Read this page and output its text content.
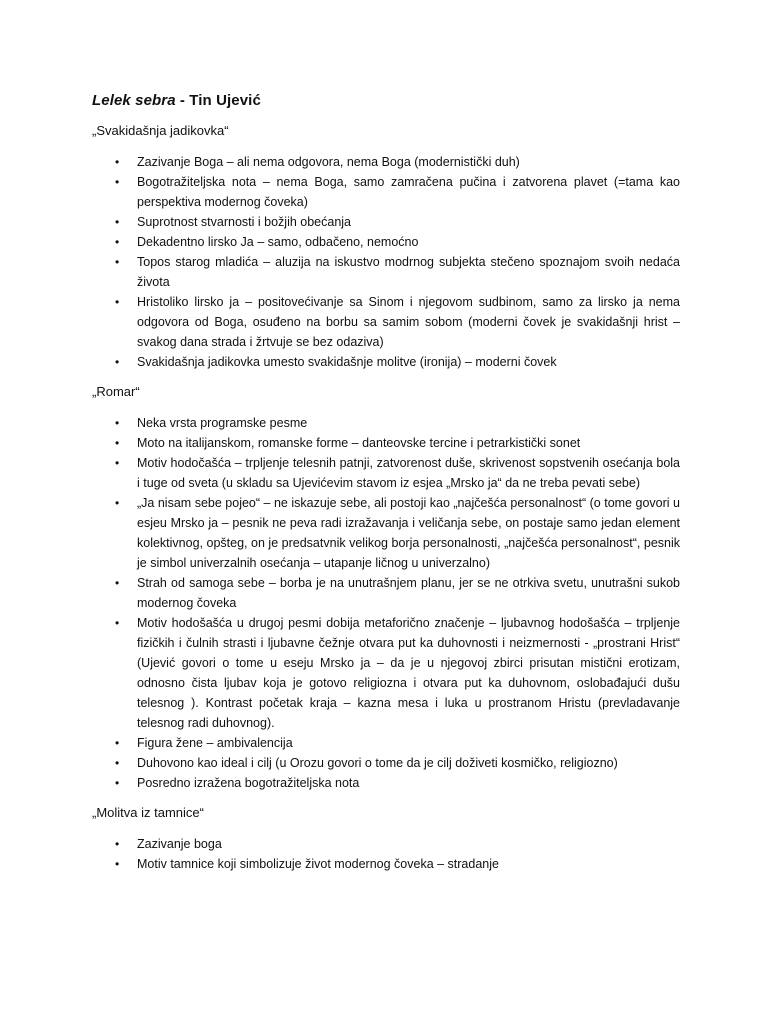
Lelek sebra - Tin Ujević
„Svakidašnja jadikovka“
• Zazivanje Boga – ali nema odgovora, nema Boga (modernistički duh)
• Bogotražiteljska nota – nema Boga, samo zamračena pučina i zatvorena plavet (=tama kao perspektiva modernog čoveka)
• Suprotnost stvarnosti i božjih obećanja
• Dekadentno lirsko Ja – samo, odbačeno, nemoćno
• Topos starog mladića – aluzija na iskustvo modrnog subjekta stečeno spoznajom svoih nedaća života
• Hristoliko lirsko ja – positovećivanje sa Sinom i njegovom sudbinom, samo za lirsko ja nema odgovora od Boga, osuđeno na borbu sa samim sobom (moderni čovek je svakidašnji hrist – svakog dana strada i žrtvuje se bez odaziva)
• Svakidašnja jadikovka umesto svakidašnje molitve (ironija) – moderni čovek
„Romar“
• Neka vrsta programske pesme
• Moto na italijanskom, romanske forme – danteovske tercine i petrarkistički sonet
• Motiv hodočašća – trpljenje telesnih patnji, zatvorenost duše, skrivenost sopstvenih osećanja bola i tuge od sveta (u skladu sa Ujevićevim stavom iz esjea „Mrsko ja“ da ne treba pevati sebe)
• „Ja nisam sebe pojeo“ – ne iskazuje sebe, ali postoji kao „najčešća personalnost“ (o tome govori u esjeu Mrsko ja – pesnik ne peva radi izražavanja i veličanja sebe, on postaje samo jedan element kolektivnog, opšteg, on je predsatvnik velikog borja personalnosti, „najčešća personalnost“, pesnik je simbol univerzalnih osećanja – utapanje ličnog u univerzalno)
• Strah od samoga sebe – borba je na unutrašnjem planu, jer se ne otrkiva svetu, unutrašni sukob modernog čoveka
• Motiv hodošašća u drugoj pesmi dobija metaforično značenje – ljubavnog hodošašća – trpljenje fizičkih i čulnih strasti i ljubavne čežnje otvara put ka duhovnosti i neizmernosti - „prostrani Hrist“ (Ujević govori o tome u eseju Mrsko ja – da je u njegovoj zbirci prisutan mistični erotizam, odnosno čista ljubav koja je gotovo religiozna i otvara put ka duhovnom, oslobađajući dušu telesnog ). Kontrast početak kraja – kazna mesa i luka u prostranom Hristu (prevladavanje telesnog radi duhovnog).
• Figura žene – ambivalencija
• Duhovono kao ideal i cilj (u Orozu govori o tome da je cilj doživeti kosmičko, religiozno)
• Posredno izražena bogotražiteljska nota
„Molitva iz tamnice“
• Zazivanje boga
• Motiv tamnice koji simbolizuje život modernog čoveka – stradanje
